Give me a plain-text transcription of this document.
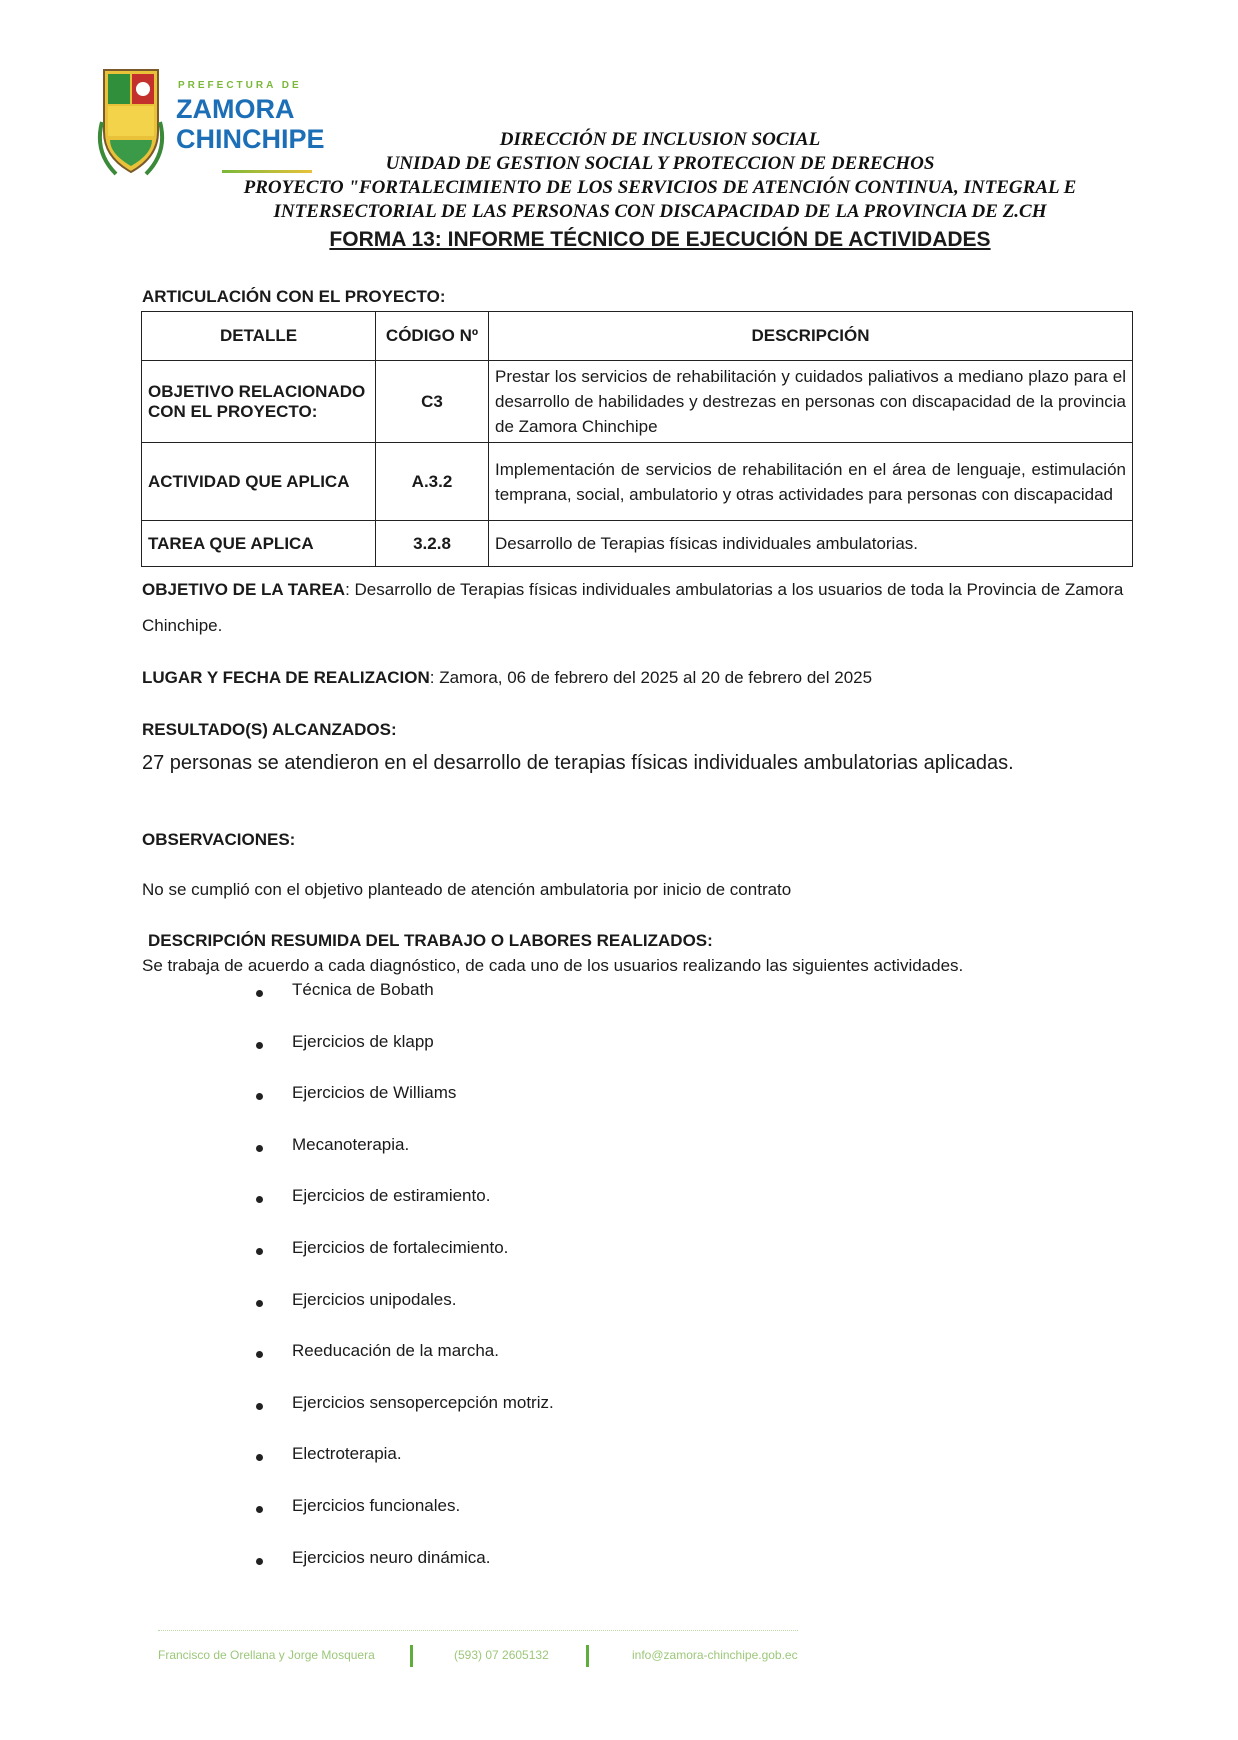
PREFECTURA DE
ZAMORA
CHINCHIPE	DIRECCIÓN DE INCLUSION SOCIAL
UNIDAD DE GESTION SOCIAL Y PROTECCION DE DERECHOS
PROYECTO "FORTALECIMIENTO DE LOS SERVICIOS DE ATENCIÓN CONTINUA, INTEGRAL E
INTERSECTORIAL DE LAS PERSONAS CON DISCAPACIDAD DE LA PROVINCIA DE Z.CH
FORMA 13: INFORME TÉCNICO DE EJECUCIÓN DE ACTIVIDADES
ARTICULACIÓN CON EL PROYECTO:
DETALLE	CÓDIGO Nº	DESCRIPCIÓN
OBJETIVO RELACIONADO CON EL PROYECTO:	C3	Prestar los servicios de rehabilitación y cuidados paliativos a mediano plazo para el desarrollo de habilidades y destrezas en personas con discapacidad de la provincia de Zamora Chinchipe
ACTIVIDAD QUE APLICA	A.3.2	Implementación de servicios de rehabilitación en el área de lenguaje, estimulación temprana, social, ambulatorio y otras actividades para personas con discapacidad
TAREA QUE APLICA	3.2.8	Desarrollo de Terapias físicas individuales ambulatorias.
OBJETIVO DE LA TAREA: Desarrollo de Terapias físicas individuales ambulatorias a los usuarios de toda la Provincia de Zamora Chinchipe.
LUGAR Y FECHA DE REALIZACION: Zamora, 06 de febrero del 2025 al 20 de febrero del 2025
RESULTADO(S) ALCANZADOS:
27 personas se atendieron en el desarrollo de terapias físicas individuales ambulatorias aplicadas.
OBSERVACIONES:
No se cumplió con el objetivo planteado de atención ambulatoria por inicio de contrato
DESCRIPCIÓN RESUMIDA DEL TRABAJO O LABORES REALIZADOS:
Se trabaja de acuerdo a cada diagnóstico, de cada uno de los usuarios realizando las siguientes actividades.
Técnica de Bobath
Ejercicios de klapp
Ejercicios de Williams
Mecanoterapia.
Ejercicios de estiramiento.
Ejercicios de fortalecimiento.
Ejercicios unipodales.
Reeducación de la marcha.
Ejercicios sensopercepción motriz.
Electroterapia.
Ejercicios funcionales.
Ejercicios neuro dinámica.
Francisco de Orellana y Jorge Mosquera	(593) 07 2605132	info@zamora-chinchipe.gob.ec
